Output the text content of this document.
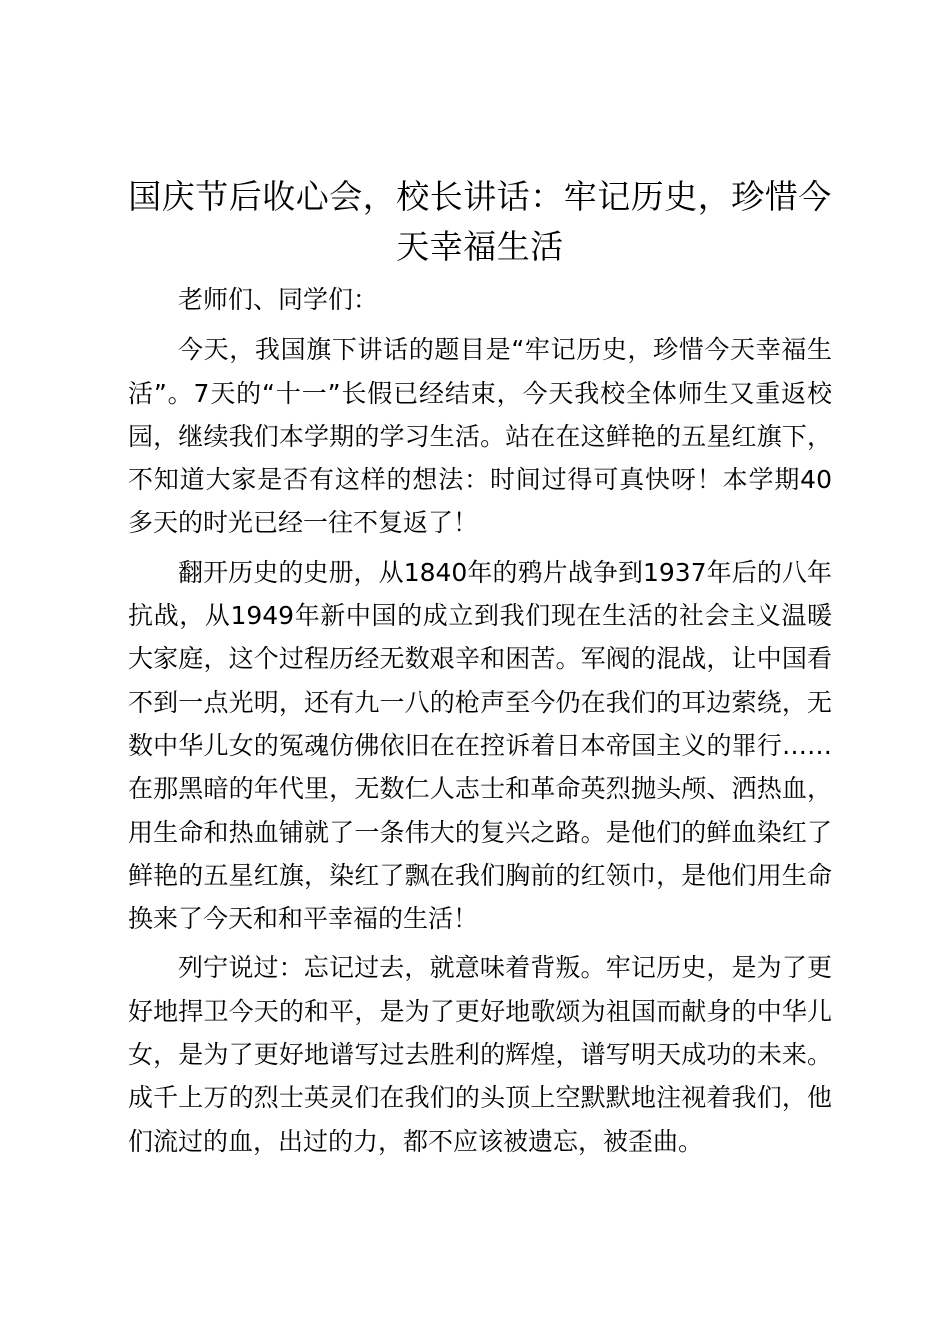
国庆节后收心会，校长讲话：牢记历史，珍惜今天幸福生活

老师们、同学们：

今天，我国旗下讲话的题目是“牢记历史，珍惜今天幸福生活”。7天的“十一”长假已经结束，今天我校全体师生又重返校园，继续我们本学期的学习生活。站在在这鲜艳的五星红旗下，不知道大家是否有这样的想法：时间过得可真快呀！本学期40多天的时光已经一往不复返了！

翻开历史的史册，从1840年的鸦片战争到1937年后的八年抗战，从1949年新中国的成立到我们现在生活的社会主义温暖大家庭，这个过程历经无数艰辛和困苦。军阀的混战，让中国看不到一点光明，还有九一八的枪声至今仍在我们的耳边萦绕，无数中华儿女的冤魂仿佛依旧在在控诉着日本帝国主义的罪行……在那黑暗的年代里，无数仁人志士和革命英烈抛头颅、洒热血，用生命和热血铺就了一条伟大的复兴之路。是他们的鲜血染红了鲜艳的五星红旗，染红了飘在我们胸前的红领巾，是他们用生命换来了今天和和平幸福的生活！

列宁说过：忘记过去，就意味着背叛。牢记历史，是为了更好地捍卫今天的和平，是为了更好地歌颂为祖国而献身的中华儿女，是为了更好地谱写过去胜利的辉煌，谱写明天成功的未来。成千上万的烈士英灵们在我们的头顶上空默默地注视着我们，他们流过的血，出过的力，都不应该被遗忘，被歪曲。
